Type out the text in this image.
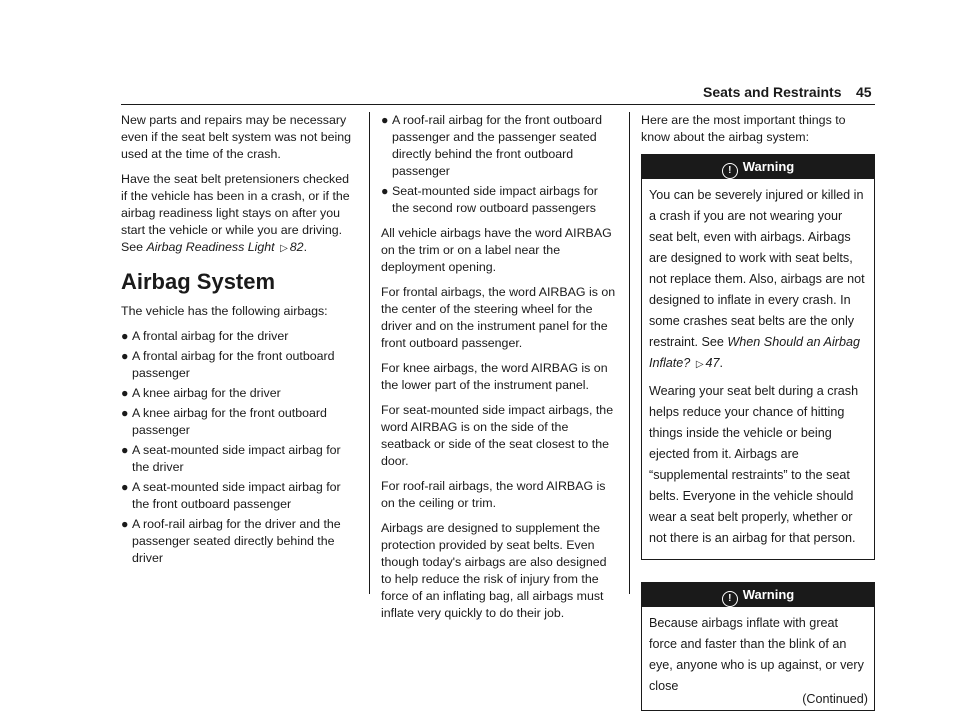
Seats and Restraints 45

New parts and repairs may be necessary even if the seat belt system was not being used at the time of the crash.

Have the seat belt pretensioners checked if the vehicle has been in a crash, or if the airbag readiness light stays on after you start the vehicle or while you are driving. See Airbag Readiness Light ▷ 82.

Airbag System

The vehicle has the following airbags:

● A frontal airbag for the driver
● A frontal airbag for the front outboard passenger
● A knee airbag for the driver
● A knee airbag for the front outboard passenger
● A seat-mounted side impact airbag for the driver
● A seat-mounted side impact airbag for the front outboard passenger
● A roof-rail airbag for the driver and the passenger seated directly behind the driver
● A roof-rail airbag for the front outboard passenger and the passenger seated directly behind the front outboard passenger
● Seat-mounted side impact airbags for the second row outboard passengers

All vehicle airbags have the word AIRBAG on the trim or on a label near the deployment opening.

For frontal airbags, the word AIRBAG is on the center of the steering wheel for the driver and on the instrument panel for the front outboard passenger.

For knee airbags, the word AIRBAG is on the lower part of the instrument panel.

For seat-mounted side impact airbags, the word AIRBAG is on the side of the seatback or side of the seat closest to the door.

For roof-rail airbags, the word AIRBAG is on the ceiling or trim.

Airbags are designed to supplement the protection provided by seat belts. Even though today's airbags are also designed to help reduce the risk of injury from the force of an inflating bag, all airbags must inflate very quickly to do their job.

Here are the most important things to know about the airbag system:

! Warning

You can be severely injured or killed in a crash if you are not wearing your seat belt, even with airbags. Airbags are designed to work with seat belts, not replace them. Also, airbags are not designed to inflate in every crash. In some crashes seat belts are the only restraint. See When Should an Airbag Inflate? ▷ 47.

Wearing your seat belt during a crash helps reduce your chance of hitting things inside the vehicle or being ejected from it. Airbags are “supplemental restraints” to the seat belts. Everyone in the vehicle should wear a seat belt properly, whether or not there is an airbag for that person.

! Warning

Because airbags inflate with great force and faster than the blink of an eye, anyone who is up against, or very close

(Continued)
